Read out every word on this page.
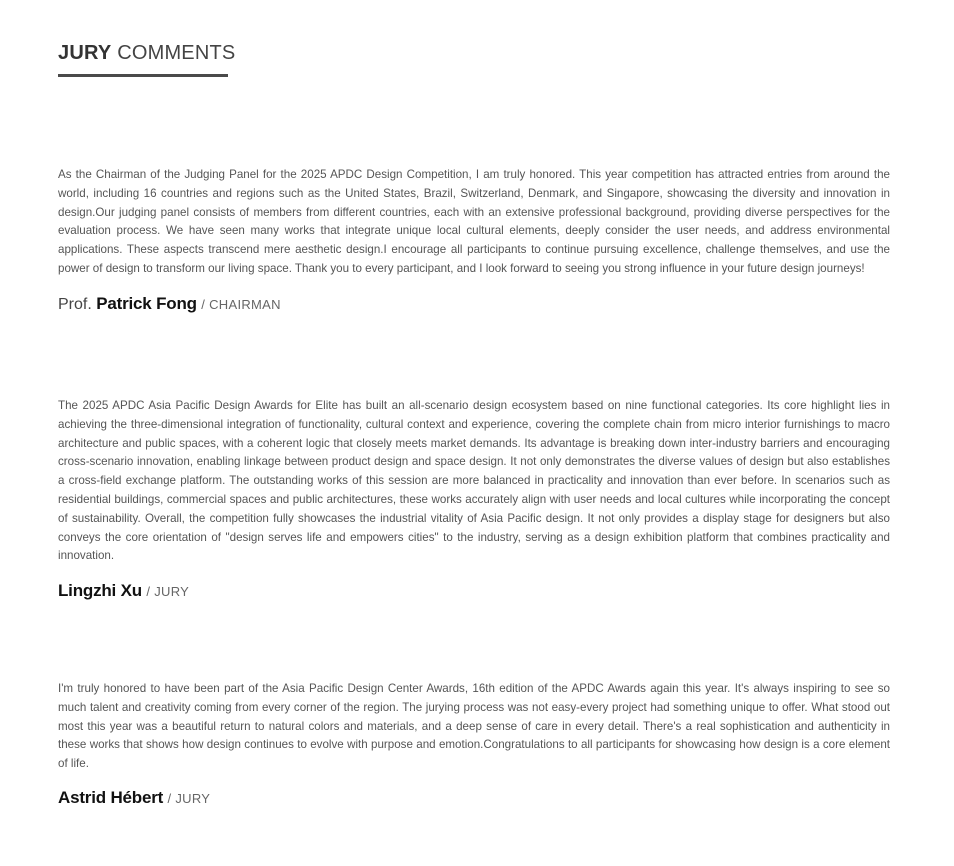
JURY COMMENTS

As the Chairman of the Judging Panel for the 2025 APDC Design Competition, I am truly honored. This year competition has attracted entries from around the world, including 16 countries and regions such as the United States, Brazil, Switzerland, Denmark, and Singapore, showcasing the diversity and innovation in design.Our judging panel consists of members from different countries, each with an extensive professional background, providing diverse perspectives for the evaluation process. We have seen many works that integrate unique local cultural elements, deeply consider the user needs, and address environmental applications. These aspects transcend mere aesthetic design.I encourage all participants to continue pursuing excellence, challenge themselves, and use the power of design to transform our living space. Thank you to every participant, and I look forward to seeing you strong influence in your future design journeys!

Prof. Patrick Fong / CHAIRMAN

The 2025 APDC Asia Pacific Design Awards for Elite has built an all-scenario design ecosystem based on nine functional categories. Its core highlight lies in achieving the three-dimensional integration of functionality, cultural context and experience, covering the complete chain from micro interior furnishings to macro architecture and public spaces, with a coherent logic that closely meets market demands. Its advantage is breaking down inter-industry barriers and encouraging cross-scenario innovation, enabling linkage between product design and space design. It not only demonstrates the diverse values of design but also establishes a cross-field exchange platform. The outstanding works of this session are more balanced in practicality and innovation than ever before. In scenarios such as residential buildings, commercial spaces and public architectures, these works accurately align with user needs and local cultures while incorporating the concept of sustainability. Overall, the competition fully showcases the industrial vitality of Asia Pacific design. It not only provides a display stage for designers but also conveys the core orientation of "design serves life and empowers cities" to the industry, serving as a design exhibition platform that combines practicality and innovation.

Lingzhi Xu / JURY

I'm truly honored to have been part of the Asia Pacific Design Center Awards, 16th edition of the APDC Awards again this year. It's always inspiring to see so much talent and creativity coming from every corner of the region. The jurying process was not easy-every project had something unique to offer. What stood out most this year was a beautiful return to natural colors and materials, and a deep sense of care in every detail. There's a real sophistication and authenticity in these works that shows how design continues to evolve with purpose and emotion.Congratulations to all participants for showcasing how design is a core element of life.

Astrid Hébert / JURY
